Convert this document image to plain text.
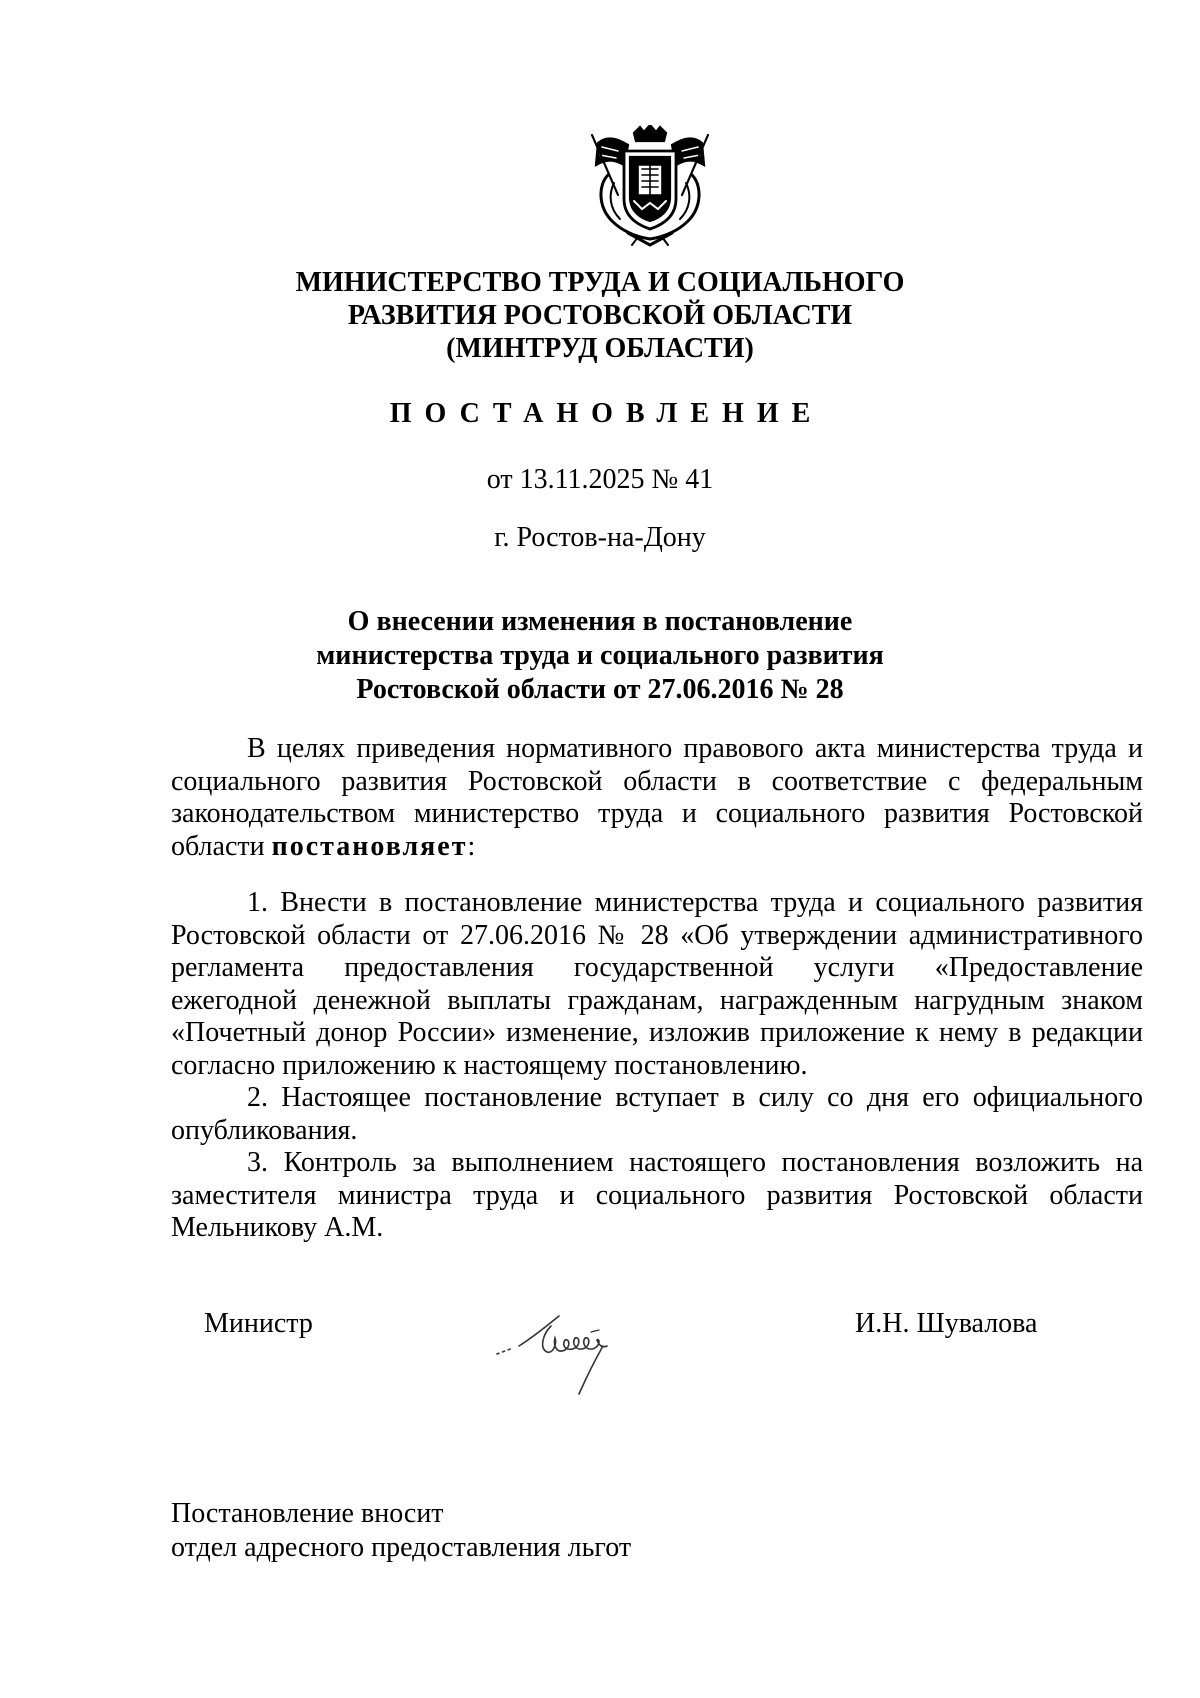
МИНИСТЕРСТВО ТРУДА И СОЦИАЛЬНОГО
РАЗВИТИЯ РОСТОВСКОЙ ОБЛАСТИ
(МИНТРУД ОБЛАСТИ)
ПОСТАНОВЛЕНИЕ
от 13.11.2025 № 41
г. Ростов-на-Дону
О внесении изменения в постановление
министерства труда и социального развития
Ростовской области от 27.06.2016 № 28

В целях приведения нормативного правового акта министерства труда и социального развития Ростовской области в соответствие с федеральным законодательством министерство труда и социального развития Ростовской области постановляет:

1. Внести в постановление министерства труда и социального развития Ростовской области от 27.06.2016 № 28 «Об утверждении административного регламента предоставления государственной услуги «Предоставление ежегодной денежной выплаты гражданам, награжденным нагрудным знаком «Почетный донор России» изменение, изложив приложение к нему в редакции согласно приложению к настоящему постановлению.

2. Настоящее постановление вступает в силу со дня его официального опубликования.

3. Контроль за выполнением настоящего постановления возложить на заместителя министра труда и социального развития Ростовской области Мельникову А.М.

Министр	И.Н. Шувалова
Постановление вносит
отдел адресного предоставления льгот
